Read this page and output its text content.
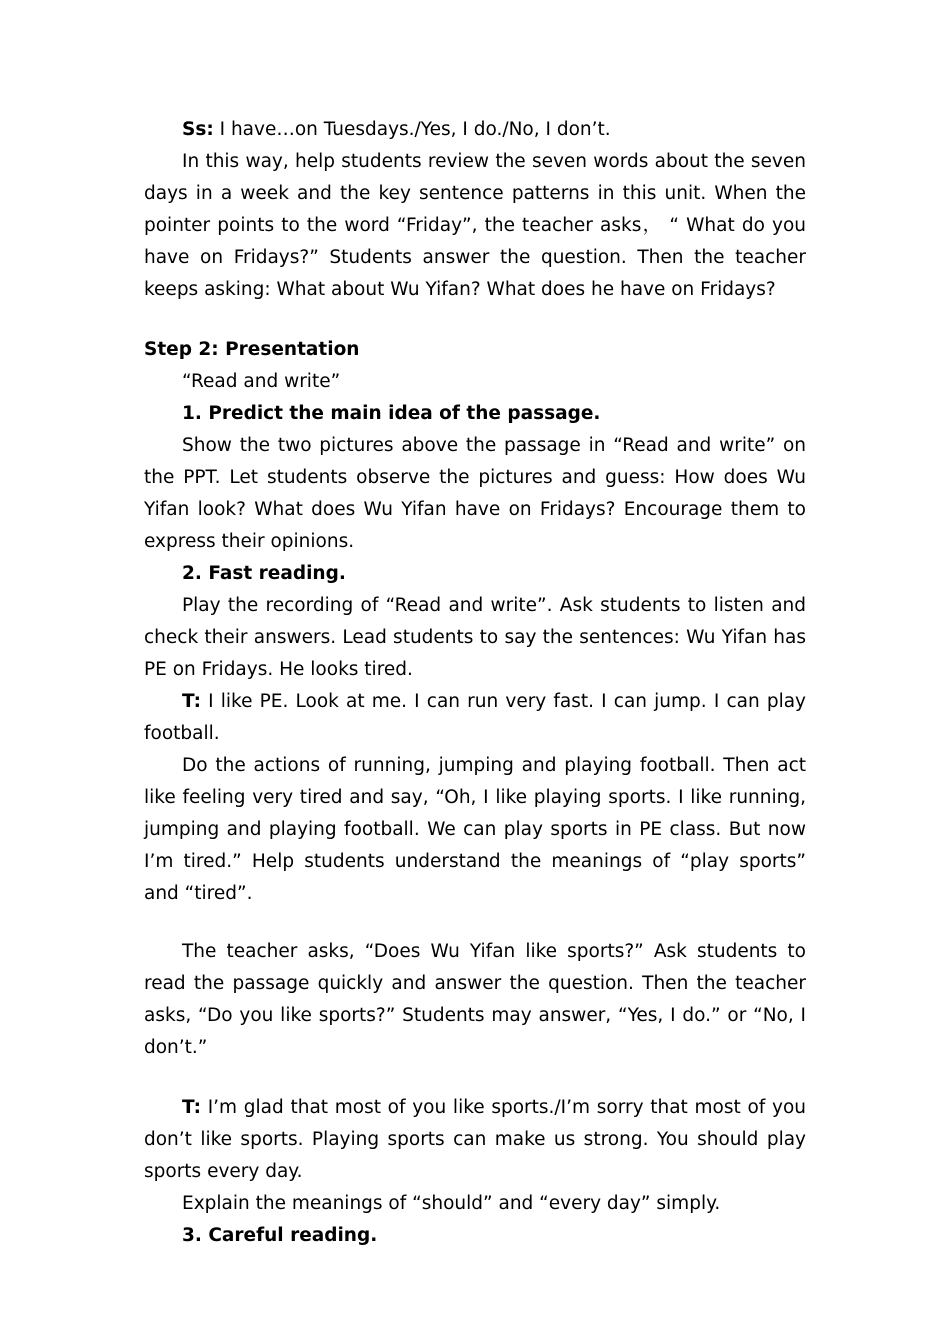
Ss: I have…on Tuesdays./Yes, I do./No, I don’t.

In this way, help students review the seven words about the seven days in a week and the key sentence patterns in this unit. When the pointer points to the word “Friday”, the teacher asks， “ What do you have on Fridays?” Students answer the question. Then the teacher keeps asking: What about Wu Yifan? What does he have on Fridays?

Step 2: Presentation

“Read and write”

1. Predict the main idea of the passage.

Show the two pictures above the passage in “Read and write” on the PPT. Let students observe the pictures and guess: How does Wu Yifan look? What does Wu Yifan have on Fridays? Encourage them to express their opinions.

2. Fast reading.

Play the recording of “Read and write”. Ask students to listen and check their answers. Lead students to say the sentences: Wu Yifan has PE on Fridays. He looks tired.

T: I like PE. Look at me. I can run very fast. I can jump. I can play football.

Do the actions of running, jumping and playing football. Then act like feeling very tired and say, “Oh, I like playing sports. I like running, jumping and playing football. We can play sports in PE class. But now I’m tired.” Help students understand the meanings of “play sports” and “tired”.

The teacher asks, “Does Wu Yifan like sports?” Ask students to read the passage quickly and answer the question. Then the teacher asks, “Do you like sports?” Students may answer, “Yes, I do.” or “No, I don’t.”

T: I’m glad that most of you like sports./I’m sorry that most of you don’t like sports. Playing sports can make us strong. You should play sports every day.

Explain the meanings of “should” and “every day” simply.

3. Careful reading.
